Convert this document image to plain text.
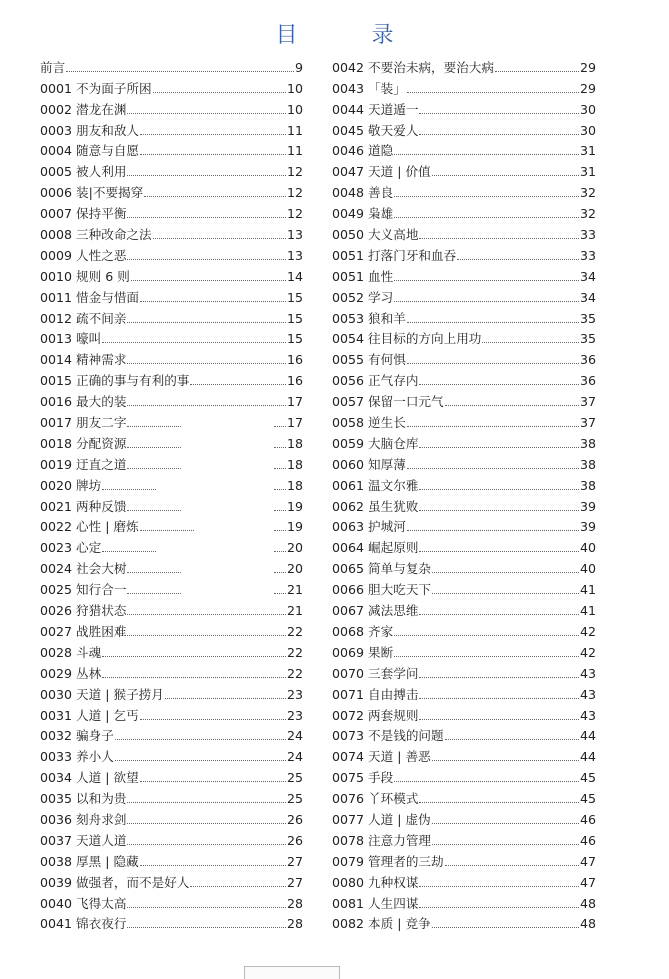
目　录
前言	9
0001 不为面子所困	10
0002 潜龙在渊	10
0003 朋友和敌人	11
0004 随意与自愿	11
0005 被人利用	12
0006 装|不要揭穿	12
0007 保持平衡	12
0008 三种改命之法	13
0009 人性之恶	13
0010 规则 6 则	14
0011 惜金与惜面	15
0012 疏不间亲	15
0013 嚎叫	15
0014 精神需求	16
0015 正确的事与有利的事	16
0016 最大的装	17
0017 朋友二字	17
0018 分配资源	18
0019 迂直之道	18
0020 牌坊	18
0021 两种反馈	19
0022 心性 | 磨炼	19
0023 心定	20
0024 社会大树	20
0025 知行合一	21
0026 狩猎状态	21
0027 战胜困难	22
0028 斗魂	22
0029 丛林	22
0030 天道 | 猴子捞月	23
0031 人道 | 乞丐	23
0032 骗身子	24
0033 养小人	24
0034 人道 | 欲望	25
0035 以和为贵	25
0036 刻舟求剑	26
0037 天道人道	26
0038 厚黑 | 隐藏	27
0039 做强者，而不是好人	27
0040 飞得太高	28
0041 锦衣夜行	28
0042 不要治未病，要治大病	29
0043 「装」	29
0044 天道遁一	30
0045 敬天爱人	30
0046 道隐	31
0047 天道 | 价值	31
0048 善良	32
0049 枭雄	32
0050 大义高地	33
0051 打落门牙和血吞	33
0051 血性	34
0052 学习	34
0053 狼和羊	35
0054 往目标的方向上用功	35
0055 有何惧	36
0056 正气存内	36
0057 保留一口元气	37
0058 逆生长	37
0059 大脑仓库	38
0060 知厚薄	38
0061 温文尔雅	38
0062 虽生犹败	39
0063 护城河	39
0064 崛起原则	40
0065 简单与复杂	40
0066 胆大吃天下	41
0067 减法思维	41
0068 齐家	42
0069 果断	42
0070 三套学问	43
0071 自由搏击	43
0072 两套规则	43
0073 不是钱的问题	44
0074 天道 | 善恶	44
0075 手段	45
0076 丫环模式	45
0077 人道 | 虚伪	46
0078 注意力管理	46
0079 管理者的三劫	47
0080 九种权谋	47
0081 人生四谋	48
0082 本质 | 竞争	48
